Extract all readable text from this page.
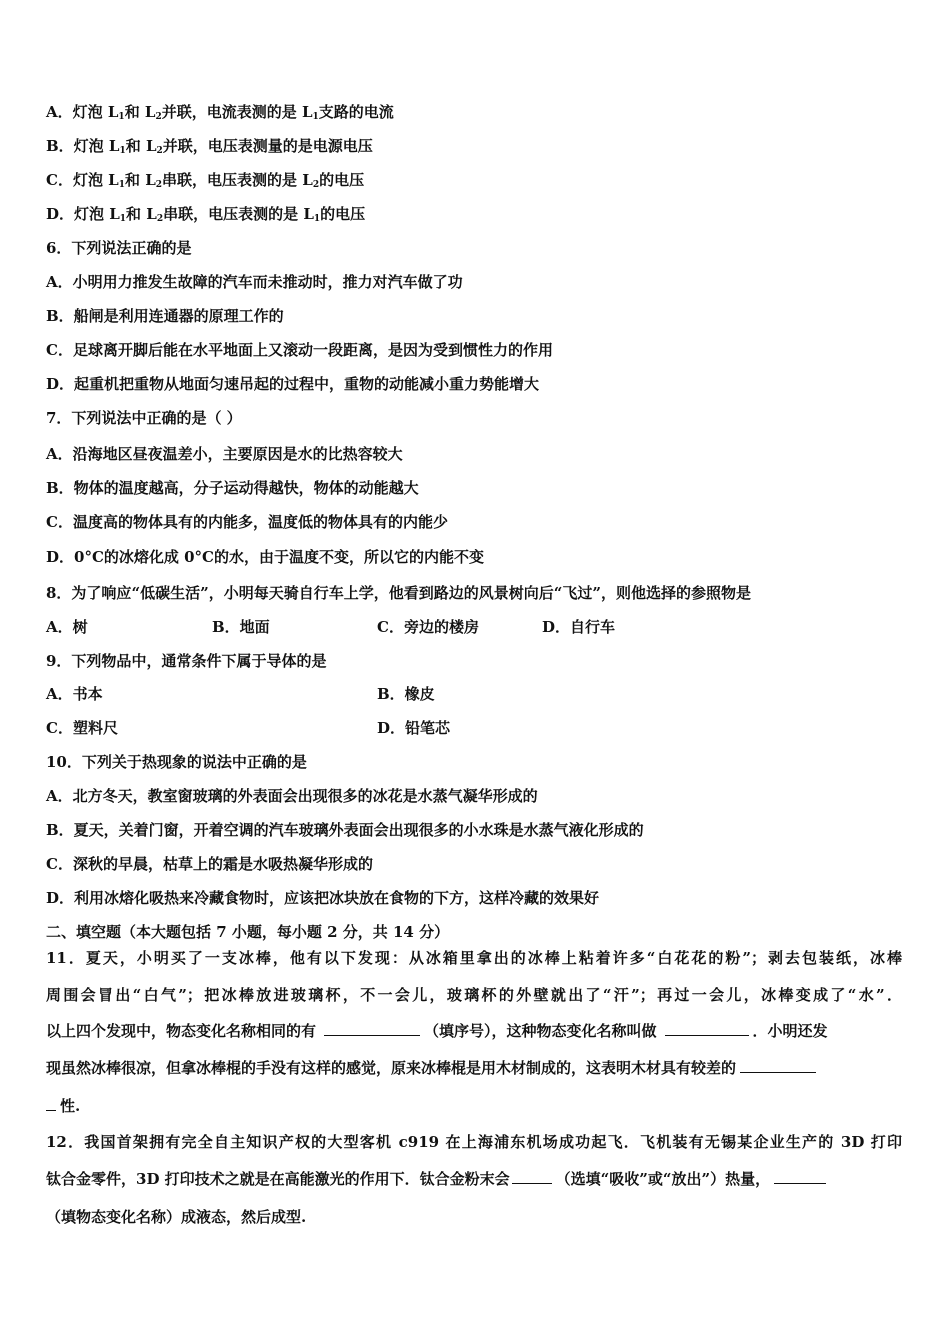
A．灯泡 $L_1$和 $L_2$并联，电流表测的是 $L_1$支路的电流
B．灯泡 $L_1$和 $L_2$并联，电压表测量的是电源电压
C．灯泡 $L_1$和 $L_2$串联，电压表测的是 $L_2$的电压
D．灯泡 $L_1$和 $L_2$串联，电压表测的是 $L_1$的电压
6．下列说法正确的是
A．小明用力推发生故障的汽车而未推动时，推力对汽车做了功
B．船闸是利用连通器的原理工作的
C．足球离开脚后能在水平地面上又滚动一段距离，是因为受到惯性力的作用
D．起重机把重物从地面匀速吊起的过程中，重物的动能减小重力势能增大
7．下列说法中正确的是（ ）
A．沿海地区昼夜温差小，主要原因是水的比热容较大
B．物体的温度越高，分子运动得越快，物体的动能越大
C．温度高的物体具有的内能多，温度低的物体具有的内能少
D．0°C的冰熔化成 0°C的水，由于温度不变，所以它的内能不变
8．为了响应“低碳生活”，小明每天骑自行车上学，他看到路边的风景树向后“飞过”，则他选择的参照物是
A．树	B．地面	C．旁边的楼房	D．自行车
9．下列物品中，通常条件下属于导体的是
A．书本	B．橡皮
C．塑料尺	D．铅笔芯
10．下列关于热现象的说法中正确的是
A．北方冬天，教室窗玻璃的外表面会出现很多的冰花是水蒸气凝华形成的
B．夏天，关着门窗，开着空调的汽车玻璃外表面会出现很多的小水珠是水蒸气液化形成的
C．深秋的早晨，枯草上的霜是水吸热凝华形成的
D．利用冰熔化吸热来冷藏食物时，应该把冰块放在食物的下方，这样冷藏的效果好
二、填空题（本大题包括 7 小题，每小题 2 分，共 14 分）
11．夏天，小明买了一支冰棒，他有以下发现：从冰箱里拿出的冰棒上粘着许多“白花花的粉”；剥去包装纸，冰棒
周围会冒出“白气”；把冰棒放进玻璃杯，不一会儿，玻璃杯的外壁就出了“汗”；再过一会儿，冰棒变成了“水”．
以上四个发现中，物态变化名称相同的有	（填序号），这种物态变化名称叫做	．小明还发
现虽然冰棒很凉，但拿冰棒棍的手没有这样的感觉，原来冰棒棍是用木材制成的，这表明木材具有较差的
性.
12．我国首架拥有完全自主知识产权的大型客机 c919 在上海浦东机场成功起飞．飞机装有无锡某企业生产的 3D 打印
钛合金零件，3D 打印技术之就是在高能激光的作用下．钛合金粉末会	（选填“吸收”或“放出”）热量，
（填物态变化名称）成液态，然后成型.
